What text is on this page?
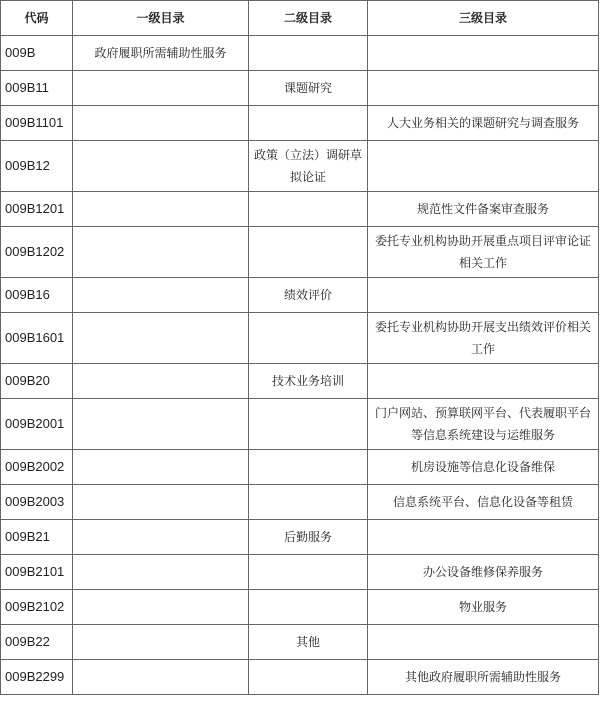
代码	一级目录	二级目录	三级目录
009B	政府履职所需辅助性服务		
009B11		课题研究	
009B1101			人大业务相关的课题研究与调查服务
009B12		政策（立法）调研草拟论证	
009B1201			规范性文件备案审查服务
009B1202			委托专业机构协助开展重点项目评审论证相关工作
009B16		绩效评价	
009B1601			委托专业机构协助开展支出绩效评价相关工作
009B20		技术业务培训	
009B2001			门户网站、预算联网平台、代表履职平台等信息系统建设与运维服务
009B2002			机房设施等信息化设备维保
009B2003			信息系统平台、信息化设备等租赁
009B21		后勤服务	
009B2101			办公设备维修保养服务
009B2102			物业服务
009B22		其他	
009B2299			其他政府履职所需辅助性服务
